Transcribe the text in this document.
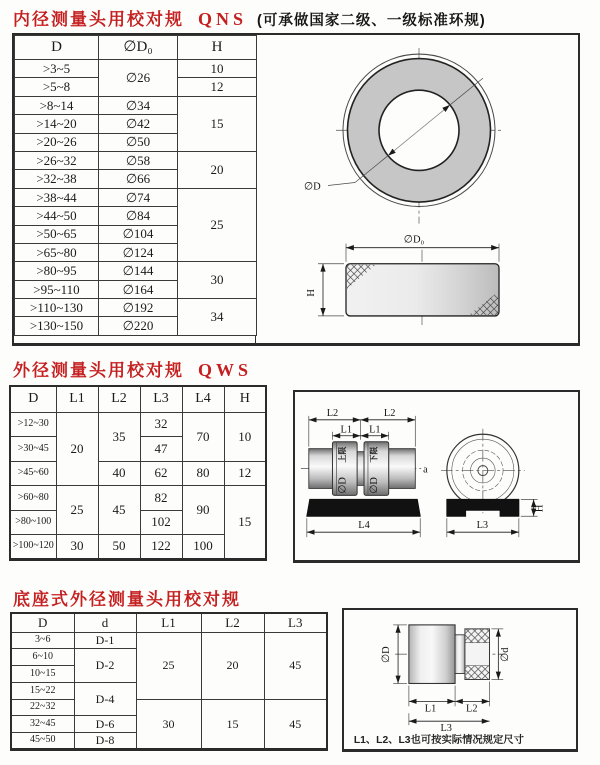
内径测量头用校对规 QNS (可承做国家二级、一级标准环规)
D	∅D₀	H
>3~5	∅26	10
>5~8		12
>8~14	∅34	15
>14~20	∅42	
>20~26	∅50	
>26~32	∅58	20
>32~38	∅66	
>38~44	∅74	25
>44~50	∅84	
>50~65	∅104	
>65~80	∅124	
>80~95	∅144	30
>95~110	∅164	
>110~130	∅192	34
>130~150	∅220	
∅D
∅D₀
H
外径测量头用校对规 QWS
D	L1	L2	L3	L4	H
>12~30	20	35	32	70	10
>30~45			47		
>45~60		40	62	80	12
>60~80	25	45	82	90	15
>80~100			102		
>100~120	30	50	122	100	
a
上限
∅D
下限
∅D
L1 L1
L2	L2
L4	L3
H
底座式外径测量头用校对规
D	d	L1	L2	L3
3~6	D-1	25	20	45
6~10	D-2			
10~15				
15~22	D-4			
22~32		30	15	45
32~45	D-6			
45~50	D-8			
∅D	∅d
L1	L2
L3
L1、L2、L3也可按实际情况规定尺寸
